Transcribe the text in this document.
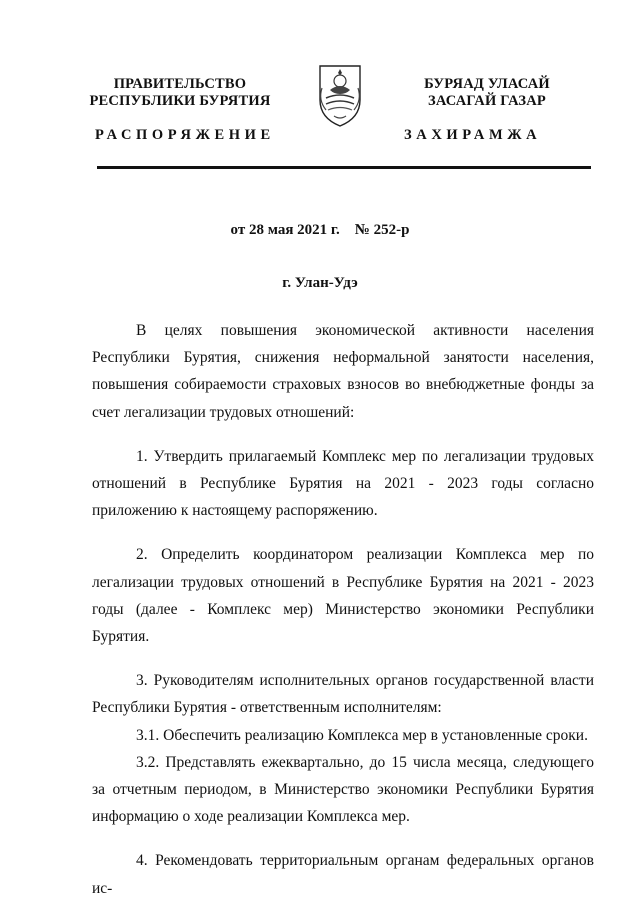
ПРАВИТЕЛЬСТВО
РЕСПУБЛИКИ БУРЯТИЯ
БУРЯАД УЛАСАЙ
ЗАСАГАЙ ГАЗАР
РАСПОРЯЖЕНИЕ	ЗАХИРАМЖА
от 28 мая 2021 г.    № 252-р
г. Улан-Удэ

В целях повышения экономической активности населения Республики Бурятия, снижения неформальной занятости населения, повышения собираемости страховых взносов во внебюджетные фонды за счет легализации трудовых отношений:

1. Утвердить прилагаемый Комплекс мер по легализации трудовых отношений в Республике Бурятия на 2021 - 2023 годы согласно приложению к настоящему распоряжению.

2. Определить координатором реализации Комплекса мер по легализации трудовых отношений в Республике Бурятия на 2021 - 2023 годы (далее - Комплекс мер) Министерство экономики Республики Бурятия.

3. Руководителям исполнительных органов государственной власти Республики Бурятия - ответственным исполнителям:

3.1. Обеспечить реализацию Комплекса мер в установленные сроки.

3.2. Представлять ежеквартально, до 15 числа месяца, следующего за отчетным периодом, в Министерство экономики Республики Бурятия информацию о ходе реализации Комплекса мер.

4. Рекомендовать территориальным органам федеральных органов ис-
